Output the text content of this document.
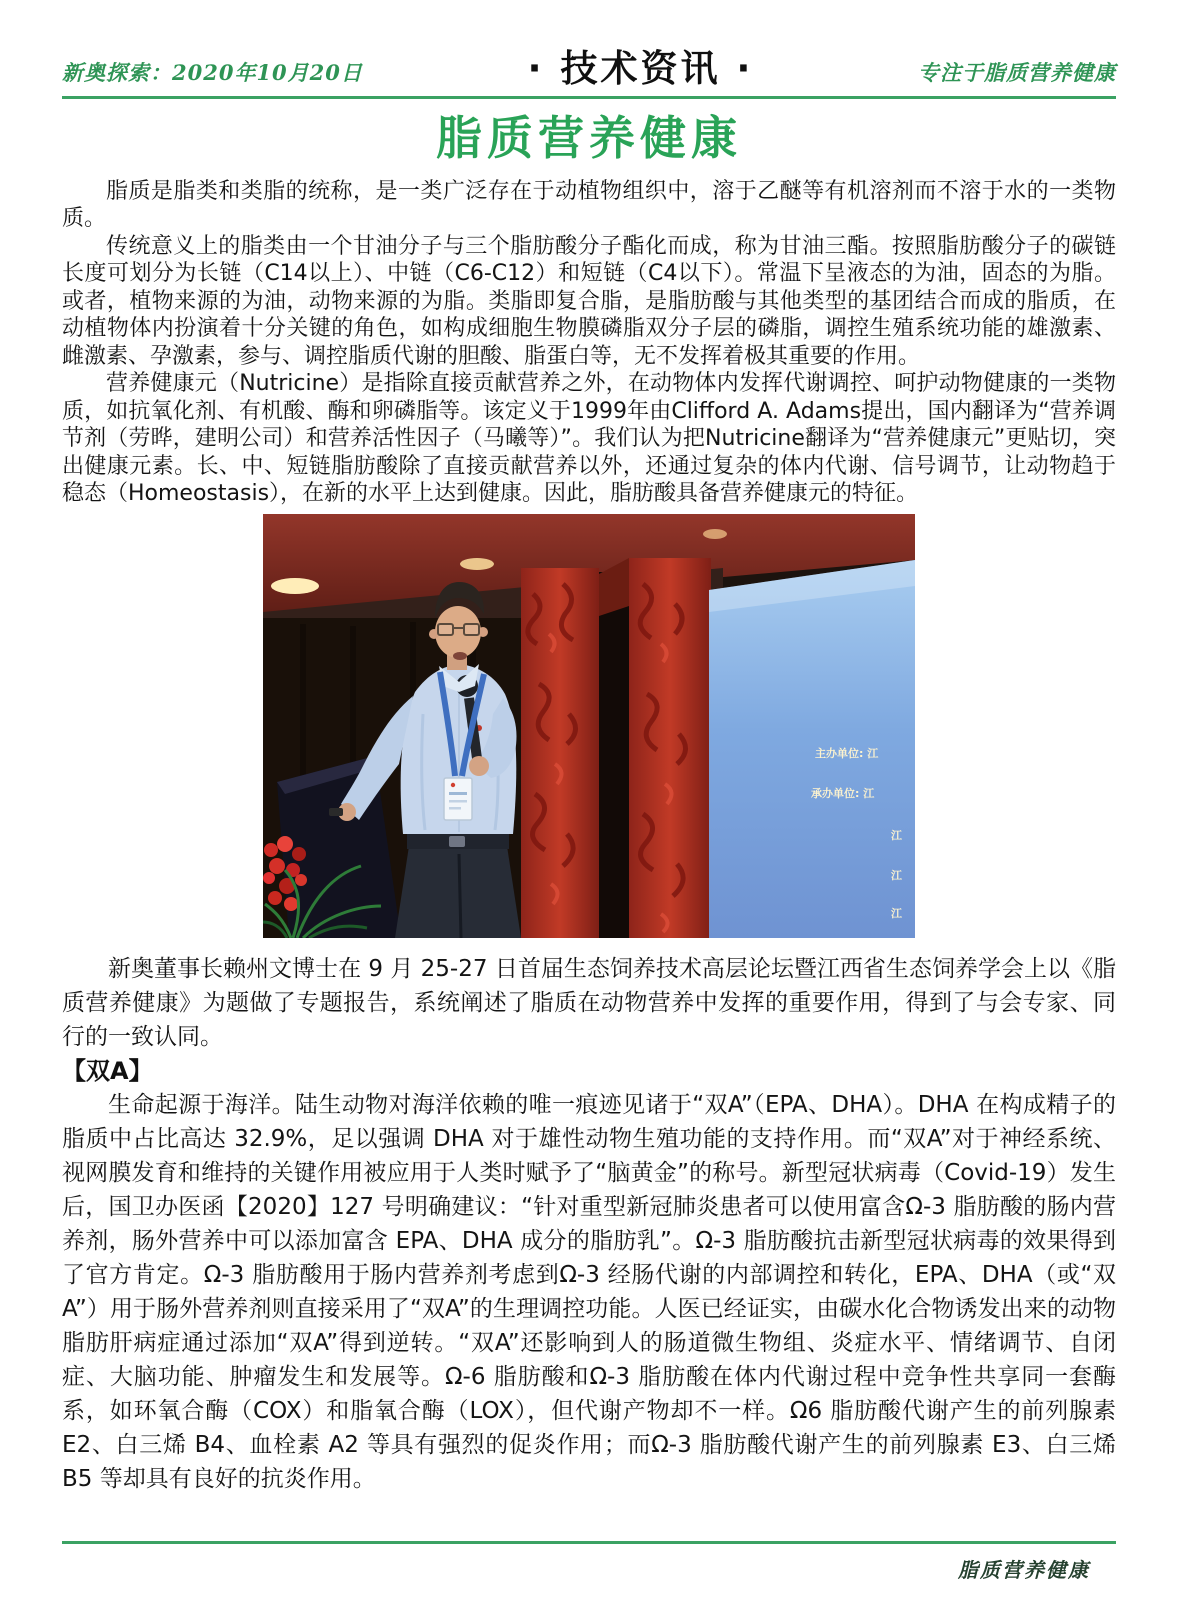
新奥探索：2020年10月20日	· 技术资讯 ·	专注于脂质营养健康
脂质营养健康

脂质是脂类和类脂的统称，是一类广泛存在于动植物组织中，溶于乙醚等有机溶剂而不溶于水的一类物质。

传统意义上的脂类由一个甘油分子与三个脂肪酸分子酯化而成，称为甘油三酯。按照脂肪酸分子的碳链长度可划分为长链（C14以上）、中链（C6-C12）和短链（C4以下）。常温下呈液态的为油，固态的为脂。或者，植物来源的为油，动物来源的为脂。类脂即复合脂，是脂肪酸与其他类型的基团结合而成的脂质，在动植物体内扮演着十分关键的角色，如构成细胞生物膜磷脂双分子层的磷脂，调控生殖系统功能的雄激素、雌激素、孕激素，参与、调控脂质代谢的胆酸、脂蛋白等，无不发挥着极其重要的作用。

营养健康元（Nutricine）是指除直接贡献营养之外，在动物体内发挥代谢调控、呵护动物健康的一类物质，如抗氧化剂、有机酸、酶和卵磷脂等。该定义于1999年由Clifford A. Adams提出，国内翻译为“营养调节剂（劳晔，建明公司）和营养活性因子（马曦等）”。我们认为把Nutricine翻译为“营养健康元”更贴切，突出健康元素。长、中、短链脂肪酸除了直接贡献营养以外，还通过复杂的体内代谢、信号调节，让动物趋于稳态（Homeostasis），在新的水平上达到健康。因此，脂肪酸具备营养健康元的特征。

主办单位: 江
承办单位: 江
江
江
江

新奥董事长赖州文博士在 9 月 25-27 日首届生态饲养技术高层论坛暨江西省生态饲养学会上以《脂质营养健康》为题做了专题报告，系统阐述了脂质在动物营养中发挥的重要作用，得到了与会专家、同行的一致认同。

【双A】

生命起源于海洋。陆生动物对海洋依赖的唯一痕迹见诸于“双A”（EPA、DHA）。DHA 在构成精子的脂质中占比高达 32.9%，足以强调 DHA 对于雄性动物生殖功能的支持作用。而“双A”对于神经系统、视网膜发育和维持的关键作用被应用于人类时赋予了“脑黄金”的称号。新型冠状病毒（Covid-19）发生后，国卫办医函【2020】127 号明确建议：“针对重型新冠肺炎患者可以使用富含Ω-3 脂肪酸的肠内营养剂，肠外营养中可以添加富含 EPA、DHA 成分的脂肪乳”。Ω-3 脂肪酸抗击新型冠状病毒的效果得到了官方肯定。Ω-3 脂肪酸用于肠内营养剂考虑到Ω-3 经肠代谢的内部调控和转化，EPA、DHA（或“双A”）用于肠外营养剂则直接采用了“双A”的生理调控功能。人医已经证实，由碳水化合物诱发出来的动物脂肪肝病症通过添加“双A”得到逆转。“双A”还影响到人的肠道微生物组、炎症水平、情绪调节、自闭症、大脑功能、肿瘤发生和发展等。Ω-6 脂肪酸和Ω-3 脂肪酸在体内代谢过程中竞争性共享同一套酶系，如环氧合酶（COX）和脂氧合酶（LOX），但代谢产物却不一样。Ω6 脂肪酸代谢产生的前列腺素 E2、白三烯 B4、血栓素 A2 等具有强烈的促炎作用；而Ω-3 脂肪酸代谢产生的前列腺素 E3、白三烯 B5 等却具有良好的抗炎作用。

脂质营养健康
